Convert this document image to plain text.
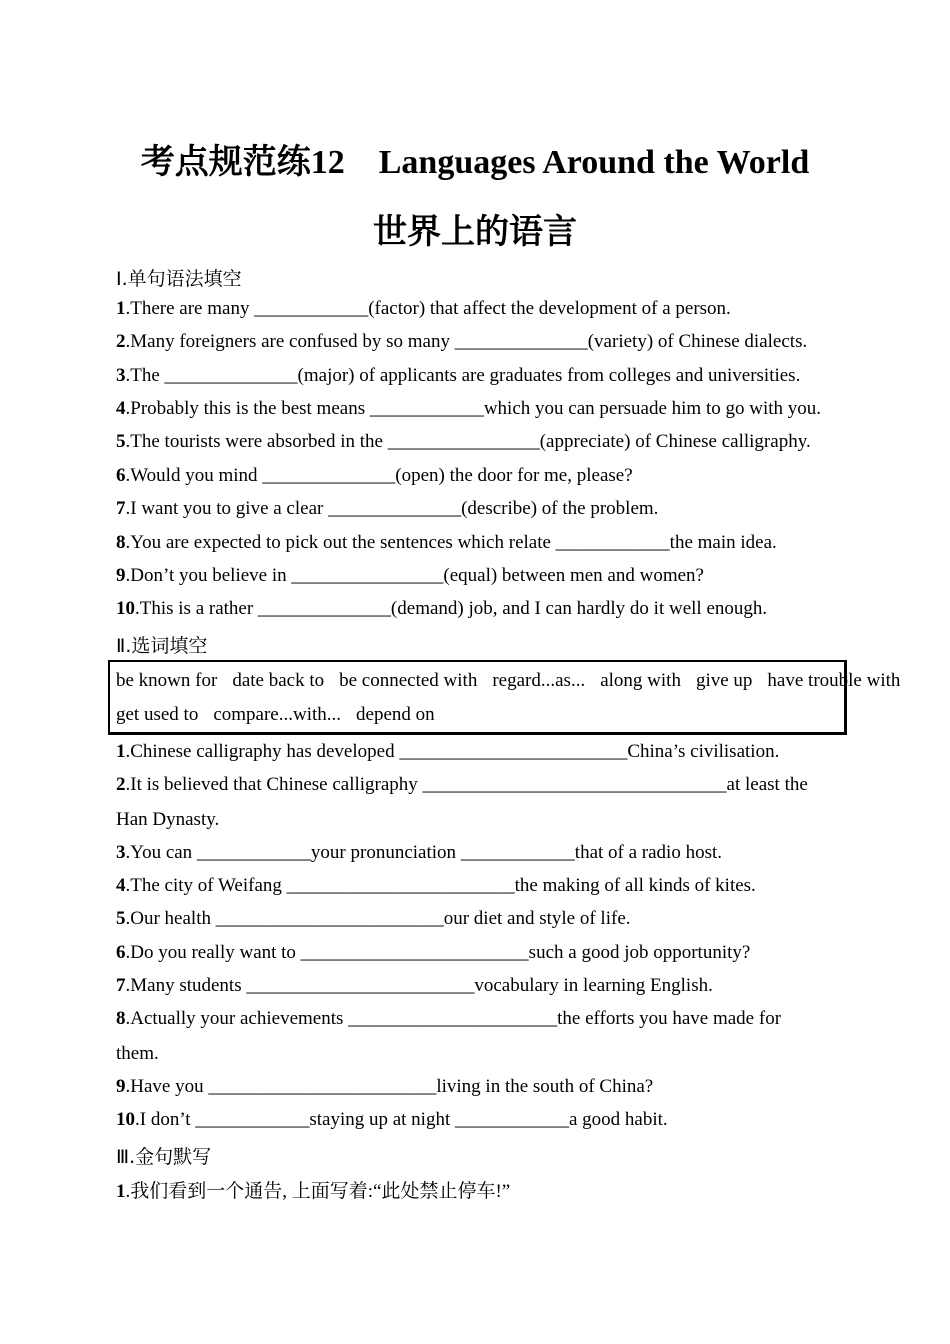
考点规范练12 Languages Around the World
世界上的语言
Ⅰ.单句语法填空
1.There are many ____________(factor) that affect the development of a person.
2.Many foreigners are confused by so many ______________(variety) of Chinese dialects.
3.The ______________(major) of applicants are graduates from colleges and universities.
4.Probably this is the best means ____________which you can persuade him to go with you.
5.The tourists were absorbed in the ________________(appreciate) of Chinese calligraphy.
6.Would you mind ______________(open) the door for me, please?
7.I want you to give a clear ______________(describe) of the problem.
8.You are expected to pick out the sentences which relate ____________the main idea.
9.Don’t you believe in ________________(equal) between men and women?
10.This is a rather ______________(demand) job, and I can hardly do it well enough.
Ⅱ.选词填空
be known for date back to be connected with regard...as... along with give up have trouble with
get used to compare...with... depend on
1.Chinese calligraphy has developed ________________________China’s civilisation.
2.It is believed that Chinese calligraphy ________________________________at least the
Han Dynasty.
3.You can ____________your pronunciation ____________that of a radio host.
4.The city of Weifang ________________________the making of all kinds of kites.
5.Our health ________________________our diet and style of life.
6.Do you really want to ________________________such a good job opportunity?
7.Many students ________________________vocabulary in learning English.
8.Actually your achievements ______________________the efforts you have made for
them.
9.Have you ________________________living in the south of China?
10.I don’t ____________staying up at night ____________a good habit.
Ⅲ.金句默写
1.我们看到一个通告, 上面写着:“此处禁止停车!”
